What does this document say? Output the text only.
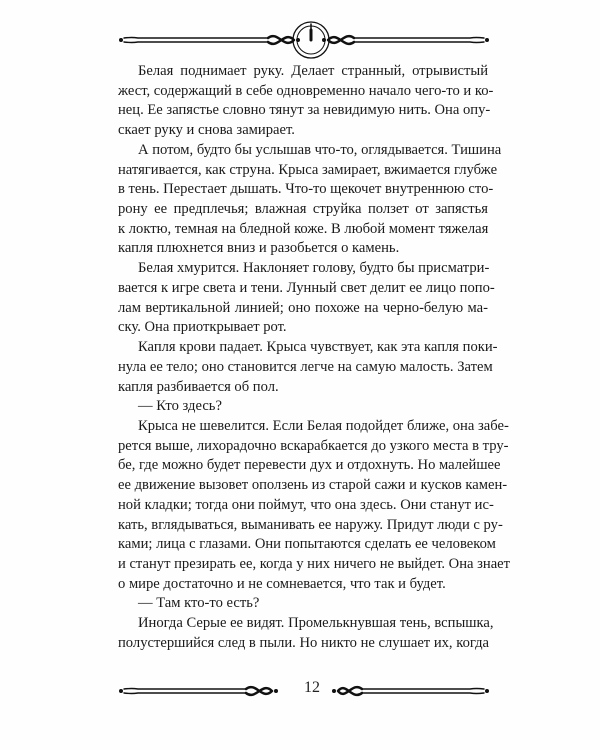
Белая поднимает руку. Делает странный, отрывистый
жест, содержащий в себе одновременно начало чего-то и ко-
нец. Ее запястье словно тянут за невидимую нить. Она опу-
скает руку и снова замирает.
А потом, будто бы услышав что-то, оглядывается. Тишина
натягивается, как струна. Крыса замирает, вжимается глубже
в тень. Перестает дышать. Что-то щекочет внутреннюю сто-
рону ее предплечья; влажная струйка ползет от запястья
к локтю, темная на бледной коже. В любой момент тяжелая
капля плюхнется вниз и разобьется о камень.
Белая хмурится. Наклоняет голову, будто бы присматри-
вается к игре света и тени. Лунный свет делит ее лицо попо-
лам вертикальной линией; оно похоже на черно-белую ма-
ску. Она приоткрывает рот.
Капля крови падает. Крыса чувствует, как эта капля поки-
нула ее тело; оно становится легче на самую малость. Затем
капля разбивается об пол.
— Кто здесь?
Крыса не шевелится. Если Белая подойдет ближе, она забе-
рется выше, лихорадочно вскарабкается до узкого места в тру-
бе, где можно будет перевести дух и отдохнуть. Но малейшее
ее движение вызовет оползень из старой сажи и кусков камен-
ной кладки; тогда они поймут, что она здесь. Они станут ис-
кать, вглядываться, выманивать ее наружу. Придут люди с ру-
ками; лица с глазами. Они попытаются сделать ее человеком
и станут презирать ее, когда у них ничего не выйдет. Она знает
о мире достаточно и не сомневается, что так и будет.
— Там кто-то есть?
Иногда Серые ее видят. Промелькнувшая тень, вспышка,
полустершийся след в пыли. Но никто не слушает их, когда
12
